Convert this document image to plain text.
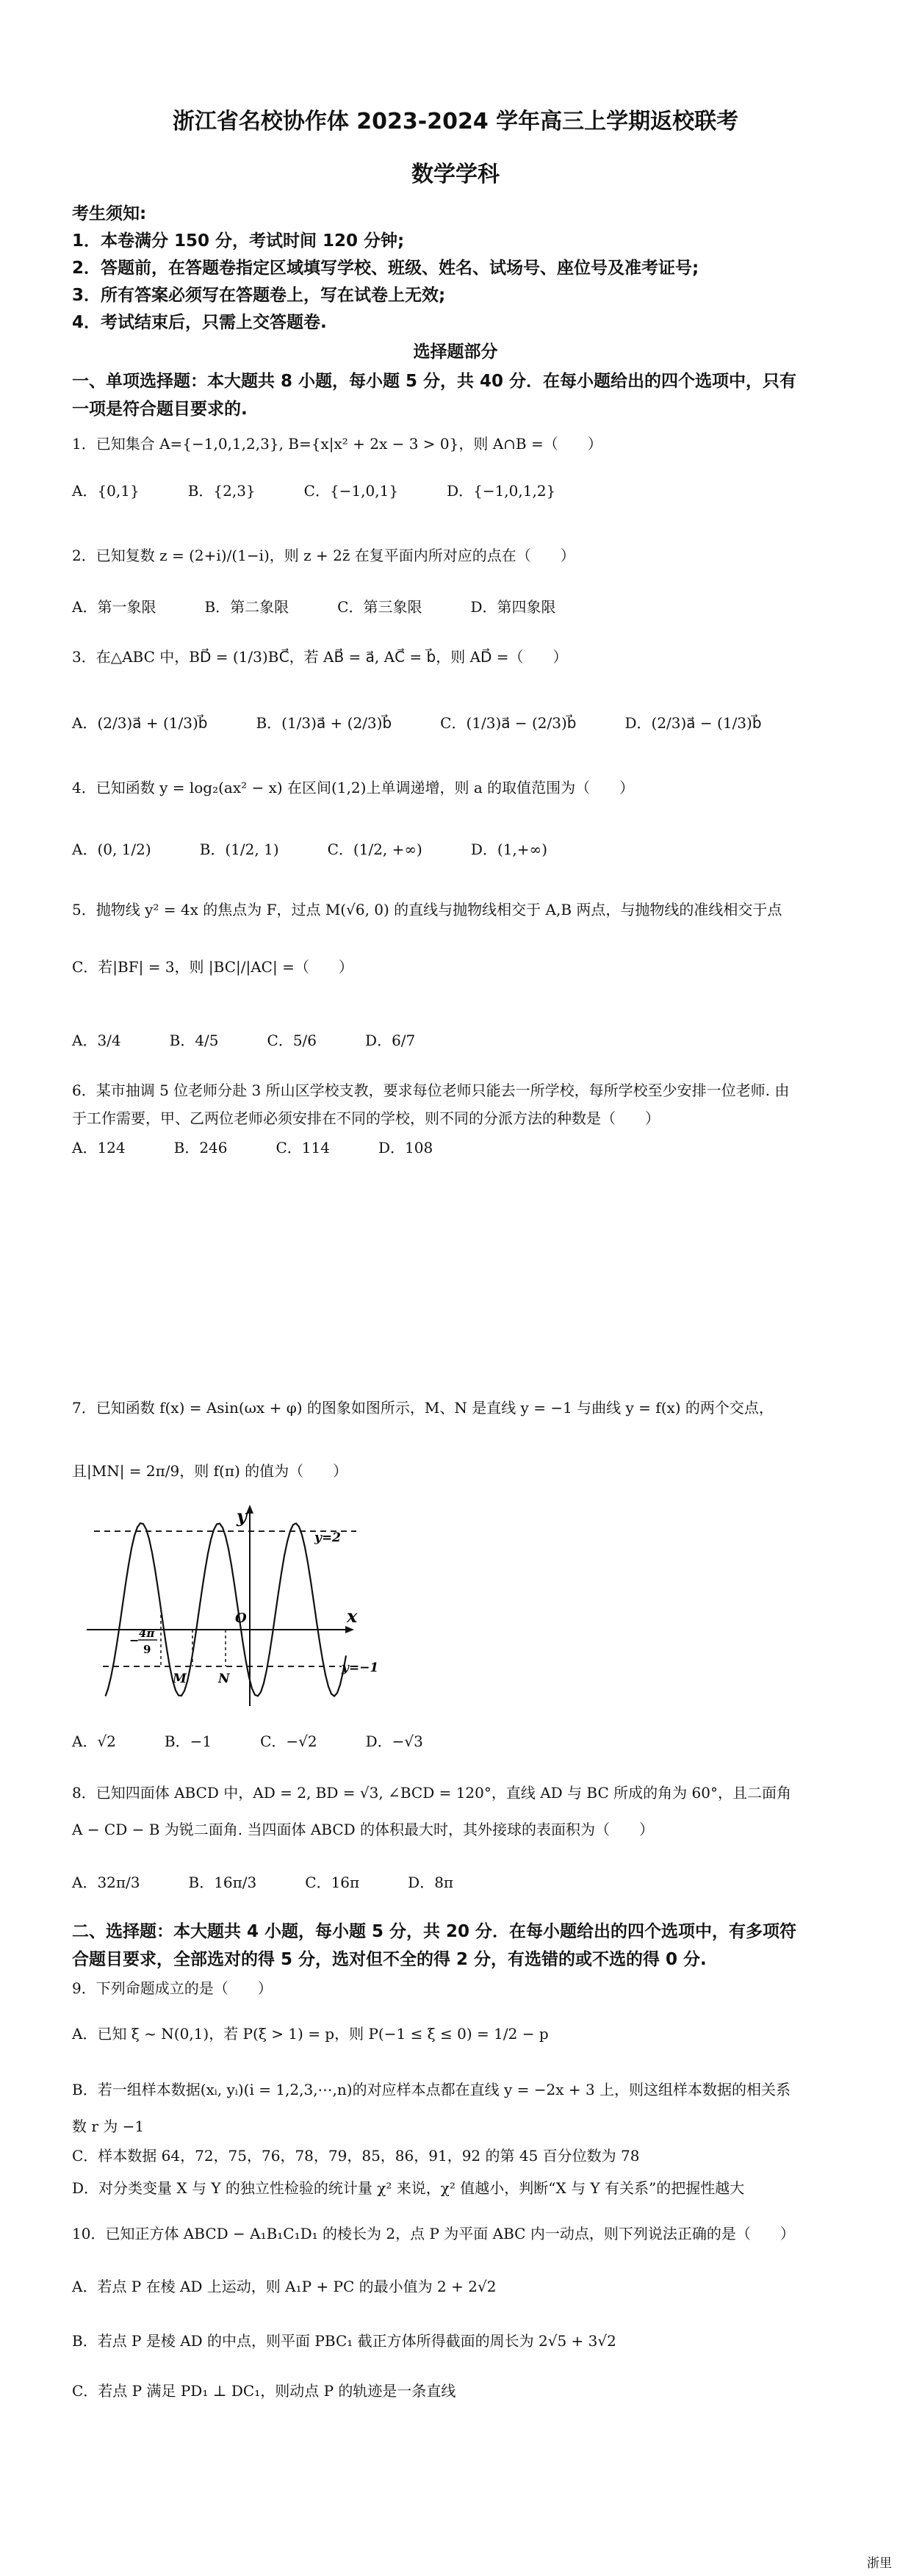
浙江省名校协作体 2023-2024 学年高三上学期返校联考
数学学科
考生须知:
1．本卷满分 150 分，考试时间 120 分钟;
2．答题前，在答题卷指定区域填写学校、班级、姓名、试场号、座位号及准考证号;
3．所有答案必须写在答题卷上，写在试卷上无效;
4．考试结束后，只需上交答题卷.
选择题部分
一、单项选择题：本大题共 8 小题，每小题 5 分，共 40 分．在每小题给出的四个选项中，只有
一项是符合题目要求的.
1．已知集合 A={−1,0,1,2,3}, B={x|x² + 2x − 3 > 0}，则 A∩B =（　　）
A．{0,1}	B．{2,3}	C．{−1,0,1}	D．{−1,0,1,2}
2．已知复数 z = (2+i)/(1−i)，则 z + 2z̄ 在复平面内所对应的点在（　　）
A．第一象限	B．第二象限	C．第三象限	D．第四象限
3．在△ABC 中，BD⃗ = (1/3)BC⃗，若 AB⃗ = a⃗, AC⃗ = b⃗，则 AD⃗ =（　　）
A．(2/3)a⃗ + (1/3)b⃗	B．(1/3)a⃗ + (2/3)b⃗	C．(1/3)a⃗ − (2/3)b⃗	D．(2/3)a⃗ − (1/3)b⃗
4．已知函数 y = log₂(ax² − x) 在区间(1,2)上单调递增，则 a 的取值范围为（　　）
A．(0, 1/2)	B．(1/2, 1)	C．(1/2, +∞)	D．(1,+∞)
5．抛物线 y² = 4x 的焦点为 F，过点 M(√6, 0) 的直线与抛物线相交于 A,B 两点，与抛物线的准线相交于点
C．若|BF| = 3，则 |BC|/|AC| =（　　）
A．3/4	B．4/5	C．5/6	D．6/7
6．某市抽调 5 位老师分赴 3 所山区学校支教，要求每位老师只能去一所学校，每所学校至少安排一位老师. 由
于工作需要，甲、乙两位老师必须安排在不同的学校，则不同的分派方法的种数是（　　）
A．124	B．246	C．114	D．108
7．已知函数 f(x) = Asin(ωx + φ) 的图象如图所示，M、N 是直线 y = −1 与曲线 y = f(x) 的两个交点，
且|MN| = 2π/9，则 f(π) 的值为（　　）
y
x
O
y=2
y=−1
− 4π
9
M	N
A．√2	B．−1	C．−√2	D．−√3
8．已知四面体 ABCD 中，AD = 2, BD = √3, ∠BCD = 120°，直线 AD 与 BC 所成的角为 60°，且二面角
A − CD − B 为锐二面角. 当四面体 ABCD 的体积最大时，其外接球的表面积为（　　）
A．32π/3	B．16π/3	C．16π	D．8π
二、选择题：本大题共 4 小题，每小题 5 分，共 20 分．在每小题给出的四个选项中，有多项符
合题目要求，全部选对的得 5 分，选对但不全的得 2 分，有选错的或不选的得 0 分.
9．下列命题成立的是（　　）
A．已知 ξ ~ N(0,1)，若 P(ξ > 1) = p，则 P(−1 ≤ ξ ≤ 0) = 1/2 − p
B．若一组样本数据(xᵢ, yᵢ)(i = 1,2,3,⋯,n)的对应样本点都在直线 y = −2x + 3 上，则这组样本数据的相关系
数 r 为 −1
C．样本数据 64，72，75，76，78，79，85，86，91，92 的第 45 百分位数为 78
D．对分类变量 X 与 Y 的独立性检验的统计量 χ² 来说，χ² 值越小，判断“X 与 Y 有关系”的把握性越大
10．已知正方体 ABCD − A₁B₁C₁D₁ 的棱长为 2，点 P 为平面 ABC 内一动点，则下列说法正确的是（　　）
A．若点 P 在棱 AD 上运动，则 A₁P + PC 的最小值为 2 + 2√2
B．若点 P 是棱 AD 的中点，则平面 PBC₁ 截正方体所得截面的周长为 2√5 + 3√2
C．若点 P 满足 PD₁ ⊥ DC₁，则动点 P 的轨迹是一条直线
浙里
